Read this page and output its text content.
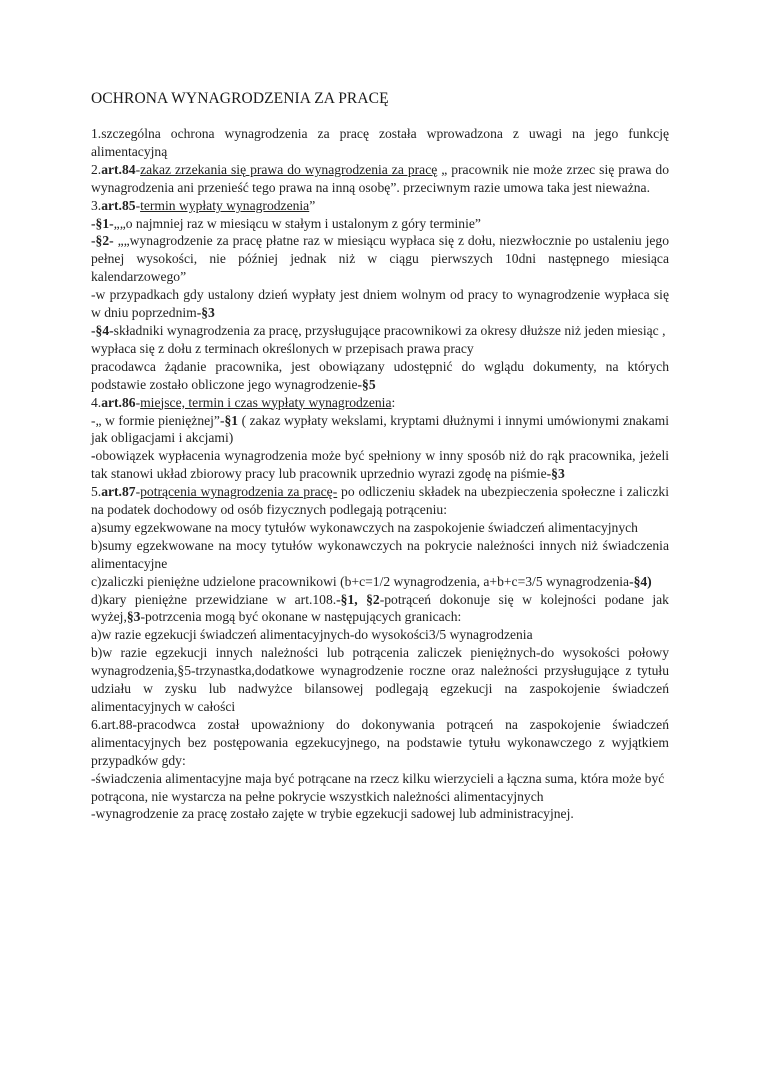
OCHRONA WYNAGRODZENIA ZA PRACĘ

1.szczególna ochrona wynagrodzenia za pracę została wprowadzona z uwagi na jego funkcję alimentacyjną

2.art.84-zakaz zrzekania się prawa do wynagrodzenia za pracę „ pracownik nie może zrzec się prawa do wynagrodzenia ani przenieść tego prawa na inną osobę”. przeciwnym razie umowa taka jest nieważna.

3.art.85-termin wypłaty wynagrodzenia”

-§1-„„o najmniej raz w miesiącu w stałym i ustalonym z góry terminie”

-§2- „„wynagrodzenie za pracę płatne raz w miesiącu wypłaca się z dołu, niezwłocznie po ustaleniu jego pełnej wysokości, nie później jednak niż w ciągu pierwszych 10dni następnego miesiąca kalendarzowego”

-w przypadkach gdy ustalony dzień wypłaty jest dniem wolnym od pracy to wynagrodzenie wypłaca się w dniu poprzednim-§3

-§4-składniki wynagrodzenia za pracę, przysługujące pracownikowi za okresy dłuższe niż jeden miesiąc , wypłaca się z dołu z terminach określonych w przepisach prawa pracy

pracodawca żądanie pracownika, jest obowiązany udostępnić do wglądu dokumenty, na których podstawie zostało obliczone jego wynagrodzenie-§5

4.art.86-miejsce, termin i czas wypłaty wynagrodzenia:

-„ w formie pieniężnej”-§1 ( zakaz wypłaty wekslami, kryptami dłużnymi i innymi umówionymi znakami jak obligacjami i akcjami)

-obowiązek wypłacenia wynagrodzenia może być spełniony w inny sposób niż do rąk pracownika, jeżeli tak stanowi układ zbiorowy pracy lub pracownik uprzednio wyrazi zgodę na piśmie-§3

5.art.87-potrącenia wynagrodzenia za pracę- po odliczeniu składek na ubezpieczenia społeczne i zaliczki na podatek dochodowy od osób fizycznych podlegają potrąceniu:

a)sumy egzekwowane na mocy tytułów wykonawczych na zaspokojenie świadczeń alimentacyjnych

b)sumy egzekwowane na mocy tytułów wykonawczych na pokrycie należności innych niż świadczenia alimentacyjne

c)zaliczki pieniężne udzielone pracownikowi (b+c=1/2 wynagrodzenia, a+b+c=3/5 wynagrodzenia-§4)

d)kary pieniężne przewidziane w art.108.-§1, §2-potrąceń dokonuje się w kolejności podane jak wyżej,§3-potrzcenia mogą być okonane w następujących granicach:

a)w razie egzekucji świadczeń alimentacyjnych-do wysokości3/5 wynagrodzenia

b)w razie egzekucji innych należności lub potrącenia zaliczek pieniężnych-do wysokości połowy wynagrodzenia,§5-trzynastka,dodatkowe wynagrodzenie roczne oraz należności przysługujące z tytułu udziału w zysku lub nadwyżce bilansowej podlegają egzekucji na zaspokojenie świadczeń alimentacyjnych w całości

6.art.88-pracodwca został upoważniony do dokonywania potrąceń na zaspokojenie świadczeń alimentacyjnych bez postępowania egzekucyjnego, na podstawie tytułu wykonawczego z wyjątkiem przypadków gdy:

-świadczenia alimentacyjne maja być potrącane na rzecz kilku wierzycieli a łączna suma, która może być potrącona, nie wystarcza na pełne pokrycie wszystkich należności alimentacyjnych

-wynagrodzenie za pracę zostało zajęte w trybie egzekucji sadowej lub administracyjnej.
